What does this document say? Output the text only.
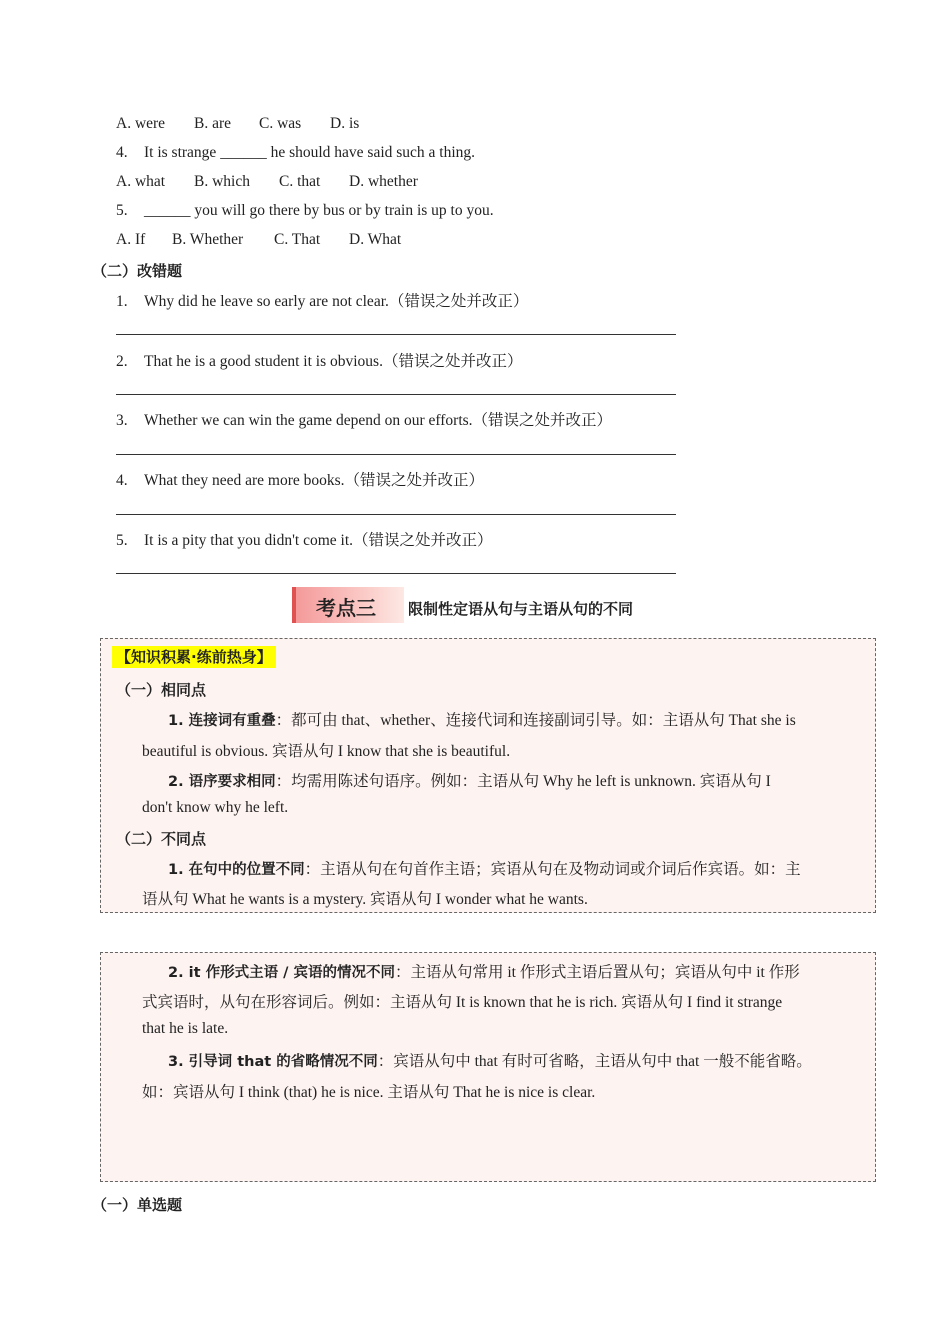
A. were B. are C. was D. is
4. It is strange ______ he should have said such a thing.
A. what B. which C. that D. whether
5. ______ you will go there by bus or by train is up to you.
A. If B. Whether C. That D. What
（二）改错题
1. Why did he leave so early are not clear.（错误之处并改正）
2. That he is a good student it is obvious.（错误之处并改正）
3. Whether we can win the game depend on our efforts.（错误之处并改正）
4. What they need are more books.（错误之处并改正）
5. It is a pity that you didn't come it.（错误之处并改正）
考点三 限制性定语从句与主语从句的不同
【知识积累·练前热身】
（一）相同点
1. 连接词有重叠：都可由 that、whether、连接代词和连接副词引导。如：主语从句 That she is
beautiful is obvious. 宾语从句 I know that she is beautiful.
2. 语序要求相同：均需用陈述句语序。例如：主语从句 Why he left is unknown. 宾语从句 I
don't know why he left.
（二）不同点
1. 在句中的位置不同：主语从句在句首作主语；宾语从句在及物动词或介词后作宾语。如：主
语从句 What he wants is a mystery. 宾语从句 I wonder what he wants.
2. it 作形式主语 / 宾语的情况不同：主语从句常用 it 作形式主语后置从句；宾语从句中 it 作形
式宾语时，从句在形容词后。例如：主语从句 It is known that he is rich. 宾语从句 I find it strange
that he is late.
3. 引导词 that 的省略情况不同：宾语从句中 that 有时可省略，主语从句中 that 一般不能省略。
如：宾语从句 I think (that) he is nice. 主语从句 That he is nice is clear.
（一）单选题
